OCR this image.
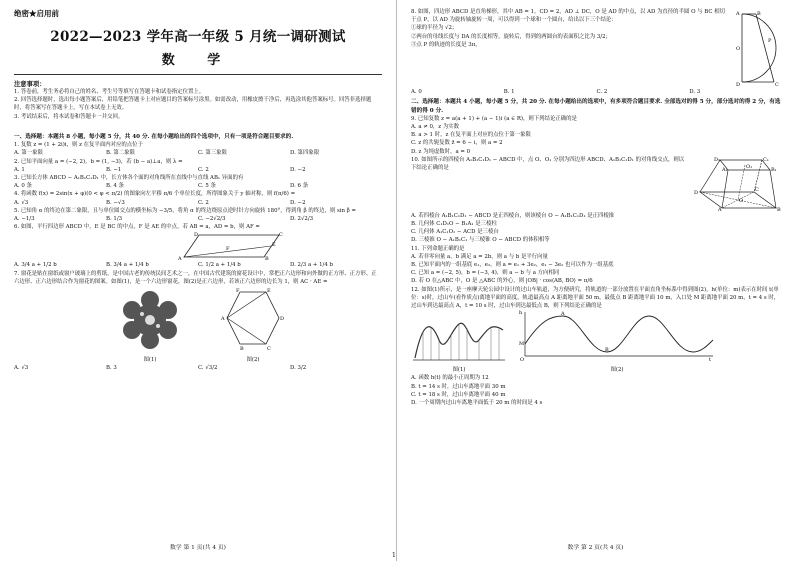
绝密★启用前
2022—2023 学年高一年级 5 月统一调研测试
数 学
注意事项：
1. 答卷前，考生务必将自己的姓名、考生号等填写在答题卡和试卷指定位置上。
2. 回答选择题时，选出每小题答案后，用铅笔把答题卡上对应题目的答案标号涂黑。如需改动，用橡皮擦干净后，再选涂其他答案标号。回答非选择题时，将答案写在答题卡上，写在本试卷上无效。
3. 考试结束后，将本试卷和答题卡一并交回。
一、选择题：本题共 8 小题，每小题 5 分，共 40 分. 在每小题给出的四个选项中，只有一项是符合题目要求的.
1. 复数 z = (1 + 2i)i，则 z 在复平面内对应的点位于
A. 第一象限	B. 第二象限	C. 第三象限	D. 第四象限
2. 已知平面向量 a = (−2, 2)，b = (1, −3)，若 (b − a)⊥a，则 λ =
A. 1	B. −1	C. 2	D. −2
3. 已知长方体 ABCD − A₁B₁C₁D₁ 中，长方体各个面的对角线所在直线中与直线 AB₁ 异面的有
A. 0 条	B. 4 条	C. 5 条	D. 6 条
4. 将函数 f(x) = 2sin(x + φ)(0 < φ < π/2) 的图象向左平移 π/6 个单位长度，所得图象关于 y 轴对称，则 f(π/6) =
A. √3	B. −√3	C. 2	D. −2
5. 已知角 α 的终边在第二象限，且与单位圆交点的横坐标为 −3/5，将角 α 的终边绕原点逆时针方向旋转 180°，得到角 β 的终边，则 sin β =
A. −1/3	B. 1/3	C. −2√2/3	D. 2√2/3
6. 如图，平行四边形 ABCD 中，E 是 BC 的中点，F 是 AE 的中点，若 AB = a，AD = b，则 AF =
A	B
C
D
E
F
A. 3/4 a + 1/2 b	B. 3/4 a + 1/4 b	C. 1/2 a + 1/4 b	D. 2/3 a + 1/4 b
7. 窗花是贴在窗纸或窗户玻璃上的剪纸，是中国古老的传统民间艺术之一，在中国古代建筑的窗花设计中，常把正六边形和向外做的正方形、正方形、正六边形、正六边形结合作为窗花的图案。如图(1)，是一个六边形窗花，图(2)是正六边形，若该正六边形的边长为 1，则 AC · AE =
图(1)
A
B	C
D
E
F
图(2)
A. √3	B. 3	C. √3/2	D. 3/2
数学 第 1 页(共 4 页)
8. 如图，四边形 ABCD 是直角梯形，其中 AB = 1，CD = 2，AD ⊥ DC，O 是 AD 的中点，以 AD 为直径的半圆 O 与 BC 相切于点 P，以 AD 为旋转轴旋转一周，可以得到一个球和一个圆台，给出以下三个结论：
①球的半径为 √2；
②两台的母线长度与 DA 的长度相等，旋转后，得到的两圆台的表面积之比为 3/2；
③点 P 的轨迹的长度是 3π，
A	B
D	C
O
P
A. 0	B. 1	C. 2	D. 3
二、选择题：本题共 4 小题，每小题 5 分，共 20 分. 在每小题给出的选项中，有多项符合题目要求. 全部选对的得 5 分，部分选对的得 2 分，有选错的得 0 分.
9. 已知复数 z = a(a + 1) + (a − 1)i (a ∈ R)，则下列结论正确的是
A. a ≠ 0，z 为实数
B. a > 1 时，z 在复平面上对应的点位于第一象限
C. z 的共轭复数 z̄ = 6 − i，则 a = 2
D. z 为纯虚数时，a = 0
10. 如图所示的四棱台 A₁B₁C₁D₁ − ABCD 中，点 O、O₁ 分别为四边形 ABCD、A₁B₁C₁D₁ 的对角线交点，则以下结论正确的是
D₁	C₁
B₁
A₁
D	C
B
A
O
O₁
A. 若四棱台 A₁B₁C₁D₁ − ABCD 是正四棱台，则该棱台 O − A₁B₁C₁D₁ 是正四棱锥
B. 几何体 C₁D₁O − B₁A₁ 是三棱柱
C. 几何体 A₁C₁O₁ − ACD 是三棱台
D. 三棱锥 O − A₁B₁C₁ 与三棱锥 O − ABCD 的体积相等
11. 下列命题正确的是
A. 若非零向量 a，b 满足 a = 2b，则 a 与 b 是平行向量
B. 已知平面内的一组基底 e₁，e₂，则 a = e₁ + 3e₂，e₁ − 3e₂ 也可以作为一组基底
C. 已知 a = (−2, 5)，b = (−3, 4)，则 a − b 与 a 方向相同
D. 若 O 在△ABC 中，O 是 △ABC 的外心，则 |OB| · cos⟨AB, BO⟩ = π/6
12. 如图(1)所示，是一座摩天轮公园中设计的过山车轨道，为方便研究，将轨道的一部分放置在平面直角坐标系中得到图(2)，h(单位：m)表示在时间 t(单位：s)时，过山车(看作质点)离地平面的高度，轨道最高点 A 距离地平面 50 m，最低点 B 距离地平面 10 m，入口处 M 距离地平面 20 m，t = 4 s 时，过山车到达最高点 A，t = 10 s 时，过山车到达最低点 B，则下列结论正确的是
图(1)
h
t
O
M
A
B
图(2)
A. 函数 h(t) 的最小正周期为 12
B. t = 14 s 时，过山车离地平面 30 m
C. t = 18 s 时，过山车离地平面 40 m
D. 一个周期内过山车离地平面低于 20 m 的时间是 4 s
数学 第 2 页(共 4 页)
1
